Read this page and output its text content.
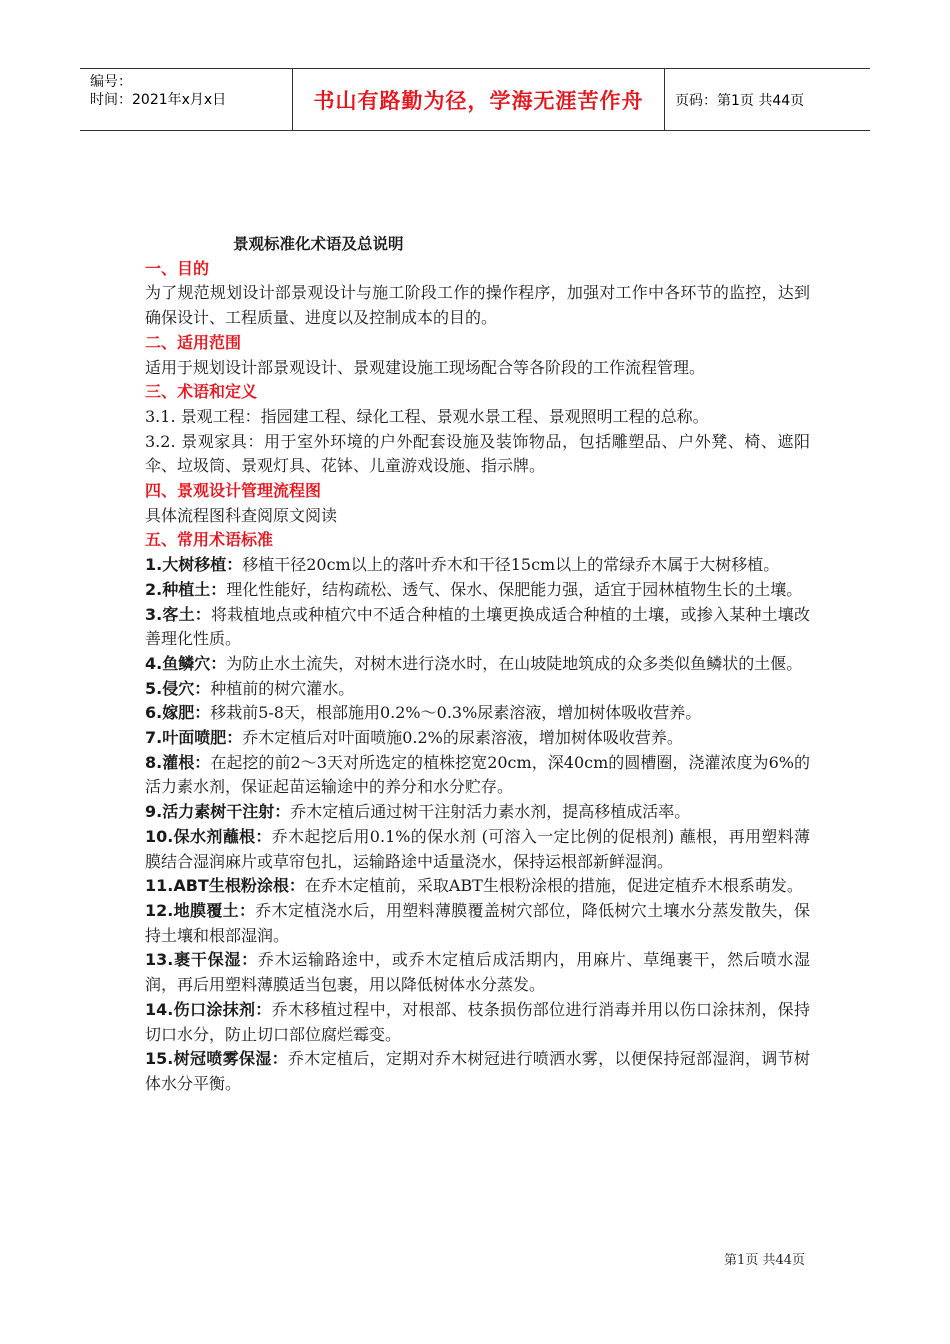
编号：
时间：2021年x月x日	书山有路勤为径，学海无涯苦作舟	页码：第1页 共44页
景观标准化术语及总说明
一、目的
为了规范规划设计部景观设计与施工阶段工作的操作程序，加强对工作中各环节的监控，达到确保设计、工程质量、进度以及控制成本的目的。
二、适用范围
适用于规划设计部景观设计、景观建设施工现场配合等各阶段的工作流程管理。
三、术语和定义
3.1. 景观工程：指园建工程、绿化工程、景观水景工程、景观照明工程的总称。
3.2. 景观家具：用于室外环境的户外配套设施及装饰物品，包括雕塑品、户外凳、椅、遮阳伞、垃圾筒、景观灯具、花钵、儿童游戏设施、指示牌。
四、景观设计管理流程图
具体流程图科查阅原文阅读
五、常用术语标准
1.大树移植：移植干径20cm以上的落叶乔木和干径15cm以上的常绿乔木属于大树移植。
2.种植土：理化性能好，结构疏松、透气、保水、保肥能力强，适宜于园林植物生长的土壤。
3.客土：将栽植地点或种植穴中不适合种植的土壤更换成适合种植的土壤，或掺入某种土壤改善理化性质。
4.鱼鳞穴：为防止水土流失，对树木进行浇水时，在山坡陡地筑成的众多类似鱼鳞状的土偃。
5.侵穴：种植前的树穴灌水。
6.嫁肥：移栽前5-8天，根部施用0.2%～0.3%尿素溶液，增加树体吸收营养。
7.叶面喷肥：乔木定植后对叶面喷施0.2%的尿素溶液，增加树体吸收营养。
8.灌根：在起挖的前2～3天对所选定的植株挖宽20cm，深40cm的圆槽圈，浇灌浓度为6%的活力素水剂，保证起苗运输途中的养分和水分贮存。
9.活力素树干注射：乔木定植后通过树干注射活力素水剂，提高移植成活率。
10.保水剂蘸根：乔木起挖后用0.1%的保水剂 (可溶入一定比例的促根剂) 蘸根，再用塑料薄膜结合湿润麻片或草帘包扎，运输路途中适量浇水，保持运根部新鲜湿润。
11.ABT生根粉涂根：在乔木定植前，采取ABT生根粉涂根的措施，促进定植乔木根系萌发。
12.地膜覆土：乔木定植浇水后，用塑料薄膜覆盖树穴部位，降低树穴土壤水分蒸发散失，保持土壤和根部湿润。
13.裹干保湿：乔木运输路途中，或乔木定植后成活期内，用麻片、草绳裹干，然后喷水湿润，再后用塑料薄膜适当包裹，用以降低树体水分蒸发。
14.伤口涂抹剂：乔木移植过程中，对根部、枝条损伤部位进行消毒并用以伤口涂抹剂，保持切口水分，防止切口部位腐烂霉变。
15.树冠喷雾保湿：乔木定植后，定期对乔木树冠进行喷洒水雾，以便保持冠部湿润，调节树体水分平衡。
第1页 共44页
